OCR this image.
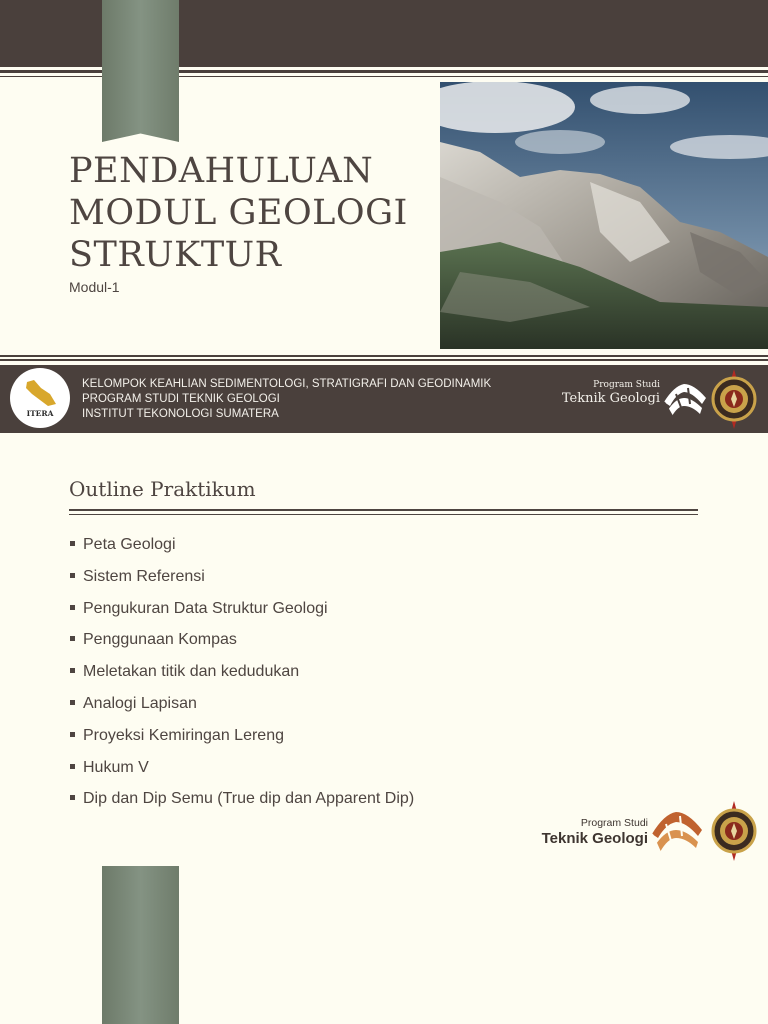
PENDAHULUAN MODUL GEOLOGI STRUKTUR
Modul-1
ITERA
KELOMPOK KEAHLIAN SEDIMENTOLOGI, STRATIGRAFI DAN GEODINAMIK
PROGRAM STUDI TEKNIK GEOLOGI
INSTITUT TEKONOLOGI SUMATERA
Program Studi
Teknik Geologi
Outline Praktikum
Peta Geologi
Sistem Referensi
Pengukuran Data Struktur Geologi
Penggunaan Kompas
Meletakan titik dan kedudukan
Analogi Lapisan
Proyeksi Kemiringan Lereng
Hukum V
Dip dan Dip Semu (True dip dan Apparent Dip)
Program Studi
Teknik Geologi
